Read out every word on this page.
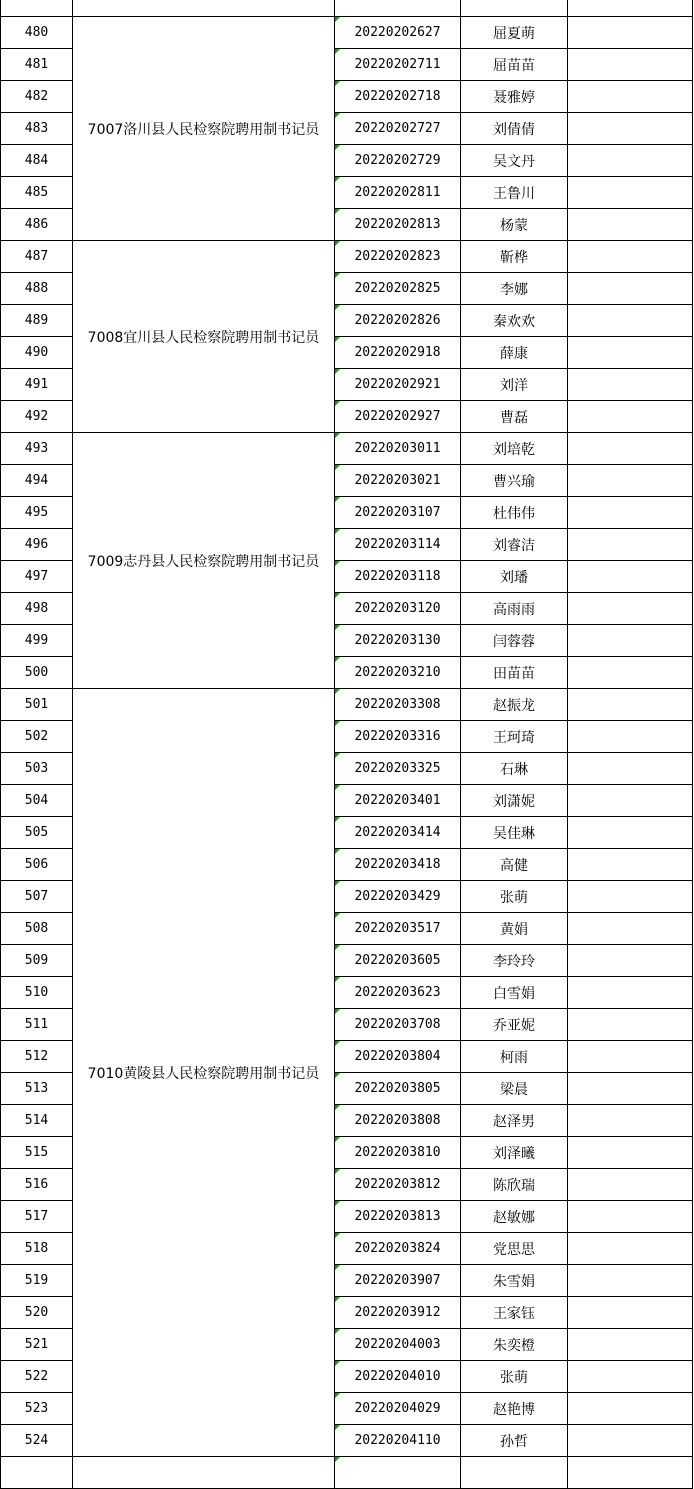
480	7007洛川县人民检察院聘用制书记员	20220202627	屈夏萌	
481		20220202711	屈苗苗	
482		20220202718	聂雅婷	
483		20220202727	刘倩倩	
484		20220202729	吴文丹	
485		20220202811	王鲁川	
486		20220202813	杨蒙	
487	7008宜川县人民检察院聘用制书记员	20220202823	靳桦	
488		20220202825	李娜	
489		20220202826	秦欢欢	
490		20220202918	薛康	
491		20220202921	刘洋	
492		20220202927	曹磊	
493	7009志丹县人民检察院聘用制书记员	20220203011	刘培乾	
494		20220203021	曹兴瑜	
495		20220203107	杜伟伟	
496		20220203114	刘睿洁	
497		20220203118	刘璠	
498		20220203120	高雨雨	
499		20220203130	闫蓉蓉	
500		20220203210	田苗苗	
501	7010黄陵县人民检察院聘用制书记员	20220203308	赵振龙	
502		20220203316	王珂琦	
503		20220203325	石琳	
504		20220203401	刘潇妮	
505		20220203414	吴佳琳	
506		20220203418	高健	
507		20220203429	张萌	
508		20220203517	黄娟	
509		20220203605	李玲玲	
510		20220203623	白雪娟	
511		20220203708	乔亚妮	
512		20220203804	柯雨	
513		20220203805	梁晨	
514		20220203808	赵泽男	
515		20220203810	刘泽曦	
516		20220203812	陈欣瑞	
517		20220203813	赵敏娜	
518		20220203824	党思思	
519		20220203907	朱雪娟	
520		20220203912	王家钰	
521		20220204003	朱奕橙	
522		20220204010	张萌	
523		20220204029	赵艳博	
524		20220204110	孙哲	
